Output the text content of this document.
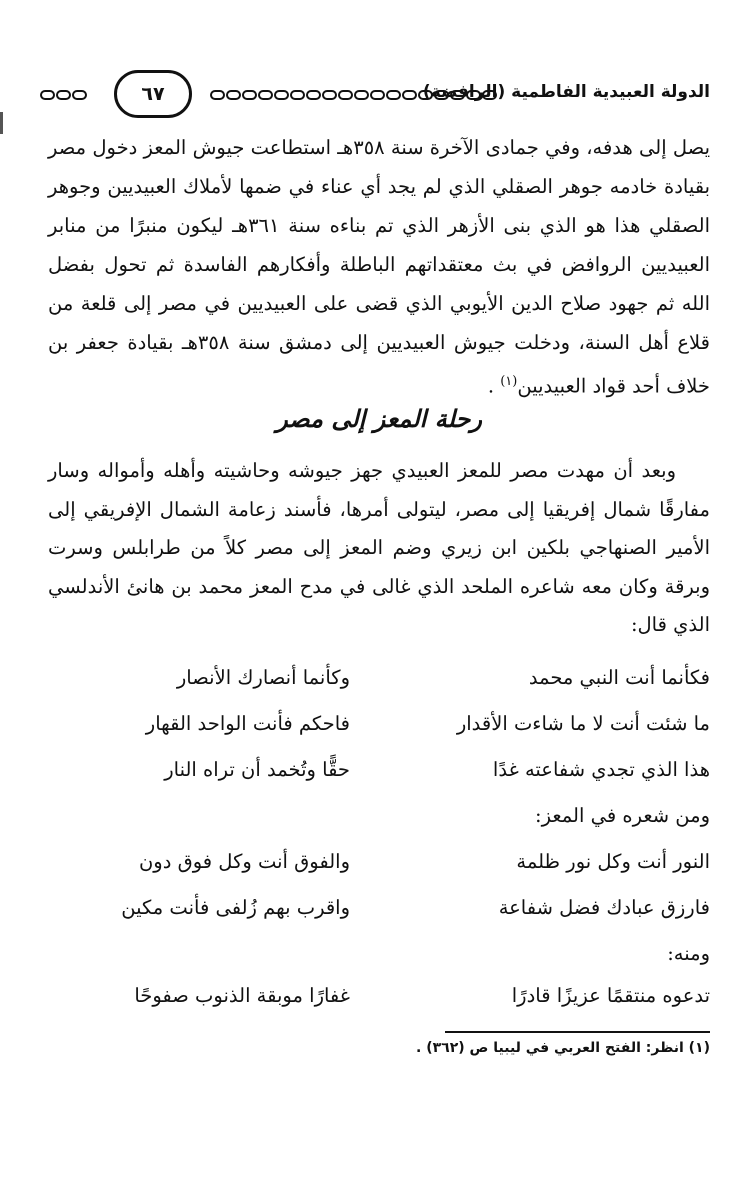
٦٧	الدولة العبيدية الفاطمية (الرافضة)

يصل إلى هدفه، وفي جمادى الآخرة سنة ٣٥٨هـ استطاعت جيوش المعز دخول مصر بقيادة خادمه جوهر الصقلي الذي لم يجد أي عناء في ضمها لأملاك العبيديين وجوهر الصقلي هذا هو الذي بنى الأزهر الذي تم بناءه سنة ٣٦١هـ ليكون منبرًا من منابر العبيديين الروافض في بث معتقداتهم الباطلة وأفكارهم الفاسدة ثم تحول بفضل الله ثم جهود صلاح الدين الأيوبي الذي قضى على العبيديين في مصر إلى قلعة من قلاع أهل السنة، ودخلت جيوش العبيديين إلى دمشق سنة ٣٥٨هـ بقيادة جعفر بن خلاف أحد قواد العبيديين$^{(١)}$ .

رحلة المعز إلى مصر

وبعد أن مهدت مصر للمعز العبيدي جهز جيوشه وحاشيته وأهله وأمواله وسار مفارقًا شمال إفريقيا إلى مصر، ليتولى أمرها، فأسند زعامة الشمال الإفريقي إلى الأمير الصنهاجي بلكين ابن زيري وضم المعز إلى مصر كلاً من طرابلس وسرت وبرقة وكان معه شاعره الملحد الذي غالى في مدح المعز محمد بن هانئ الأندلسي الذي قال:

فكأنما أنت النبي محمد
وكأنما أنصارك الأنصار
ما شئت أنت لا ما شاءت الأقدار
فاحكم فأنت الواحد القهار
هذا الذي تجدي شفاعته غدًا
حقًّا وتُخمد أن تراه النار
ومن شعره في المعز:
النور أنت وكل نور ظلمة
والفوق أنت وكل فوق دون
فارزق عبادك فضل شفاعة
واقرب بهم زُلفى فأنت مكين
ومنه:
تدعوه منتقمًا عزيزًا قادرًا
غفارًا موبقة الذنوب صفوحًا
(١) انظر: الفتح العربي في ليبيا ص (٣٦٢) .
